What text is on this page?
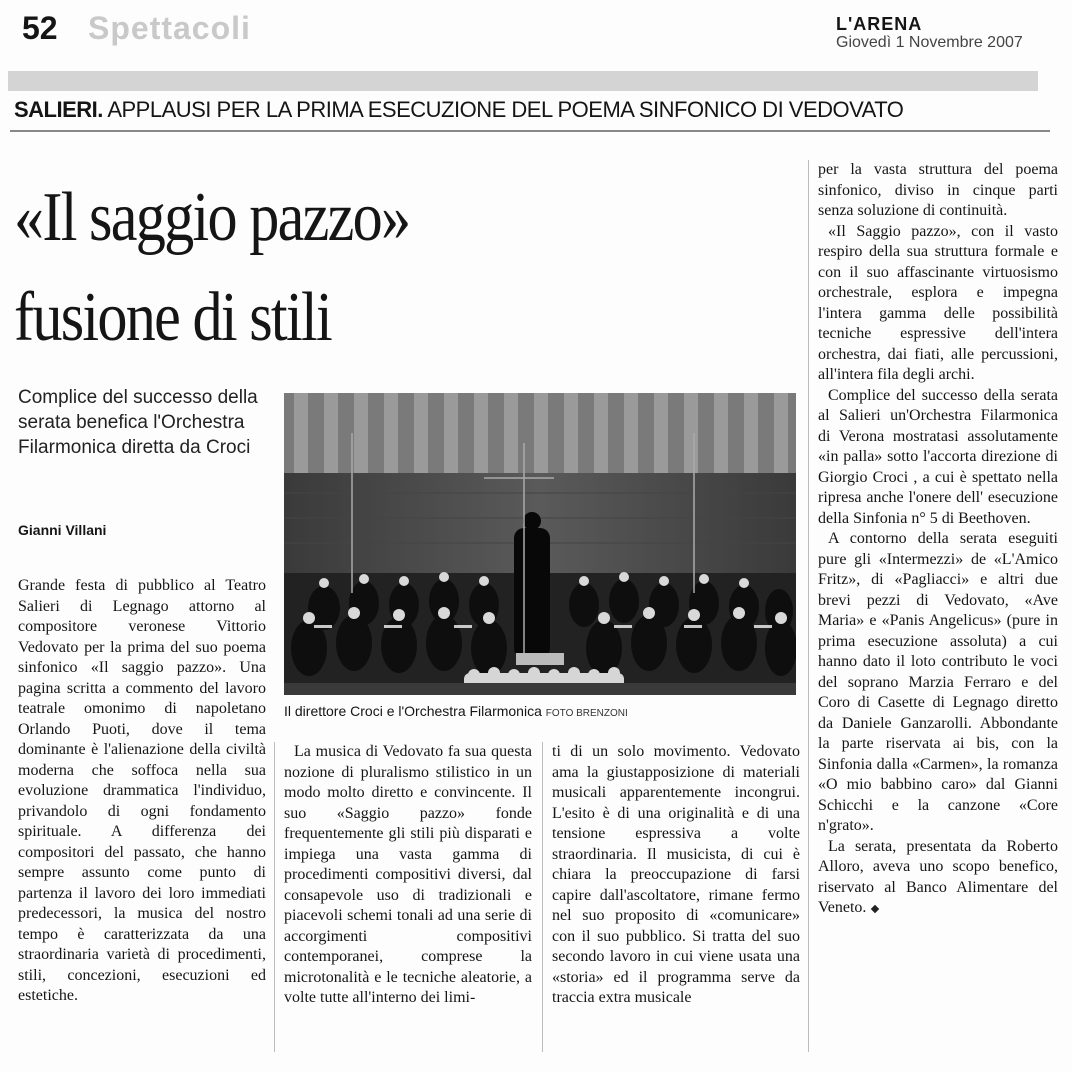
52 Spettacoli	L'ARENA
Giovedì 1 Novembre 2007
SALIERI. APPLAUSI PER LA PRIMA ESECUZIONE DEL POEMA SINFONICO DI VEDOVATO
«Il saggio pazzo»
fusione di stili
Complice del successo della serata benefica l'Orchestra Filarmonica diretta da Croci
Gianni Villani
Il direttore Croci e l'Orchestra Filarmonica FOTO BRENZONI

Grande festa di pubblico al Teatro Salieri di Legnago attorno al compositore veronese Vittorio Vedovato per la prima del suo poema sinfonico «Il saggio pazzo». Una pagina scritta a commento del lavoro teatrale omonimo di napoletano Orlando Puoti, dove il tema dominante è l'alienazione della civiltà moderna che soffoca nella sua evoluzione drammatica l'individuo, privandolo di ogni fondamento spirituale. A differenza dei compositori del passato, che hanno sempre assunto come punto di partenza il lavoro dei loro immediati predecessori, la musica del nostro tempo è caratterizzata da una straordinaria varietà di procedimenti, stili, concezioni, esecuzioni ed estetiche.

La musica di Vedovato fa sua questa nozione di pluralismo stilistico in un modo molto diretto e convincente. Il suo «Saggio pazzo» fonde frequentemente gli stili più disparati e impiega una vasta gamma di procedimenti compositivi diversi, dal consapevole uso di tradizionali e piacevoli schemi tonali ad una serie di accorgimenti compositivi contemporanei, comprese la microtonalità e le tecniche aleatorie, a volte tutte all'interno dei limi-

ti di un solo movimento. Vedovato ama la giustapposizione di materiali musicali apparentemente incongrui. L'esito è di una originalità e di una tensione espressiva a volte straordinaria. Il musicista, di cui è chiara la preoccupazione di farsi capire dall'ascoltatore, rimane fermo nel suo proposito di «comunicare» con il suo pubblico. Si tratta del suo secondo lavoro in cui viene usata una «storia» ed il programma serve da traccia extra musicale

per la vasta struttura del poema sinfonico, diviso in cinque parti senza soluzione di continuità.

«Il Saggio pazzo», con il vasto respiro della sua struttura formale e con il suo affascinante virtuosismo orchestrale, esplora e impegna l'intera gamma delle possibilità tecniche espressive dell'intera orchestra, dai fiati, alle percussioni, all'intera fila degli archi.

Complice del successo della serata al Salieri un'Orchestra Filarmonica di Verona mostratasi assolutamente «in palla» sotto l'accorta direzione di Giorgio Croci , a cui è spettato nella ripresa anche l'onere dell' esecuzione della Sinfonia n° 5 di Beethoven.

A contorno della serata eseguiti pure gli «Intermezzi» de «L'Amico Fritz», di «Pagliacci» e altri due brevi pezzi di Vedovato, «Ave Maria» e «Panis Angelicus» (pure in prima esecuzione assoluta) a cui hanno dato il loto contributo le voci del soprano Marzia Ferraro e del Coro di Casette di Legnago diretto da Daniele Ganzarolli. Abbondante la parte riservata ai bis, con la Sinfonia dalla «Carmen», la romanza «O mio babbino caro» dal Gianni Schicchi e la canzone «Core n'grato».

La serata, presentata da Roberto Alloro, aveva uno scopo benefico, riservato al Banco Alimentare del Veneto.
